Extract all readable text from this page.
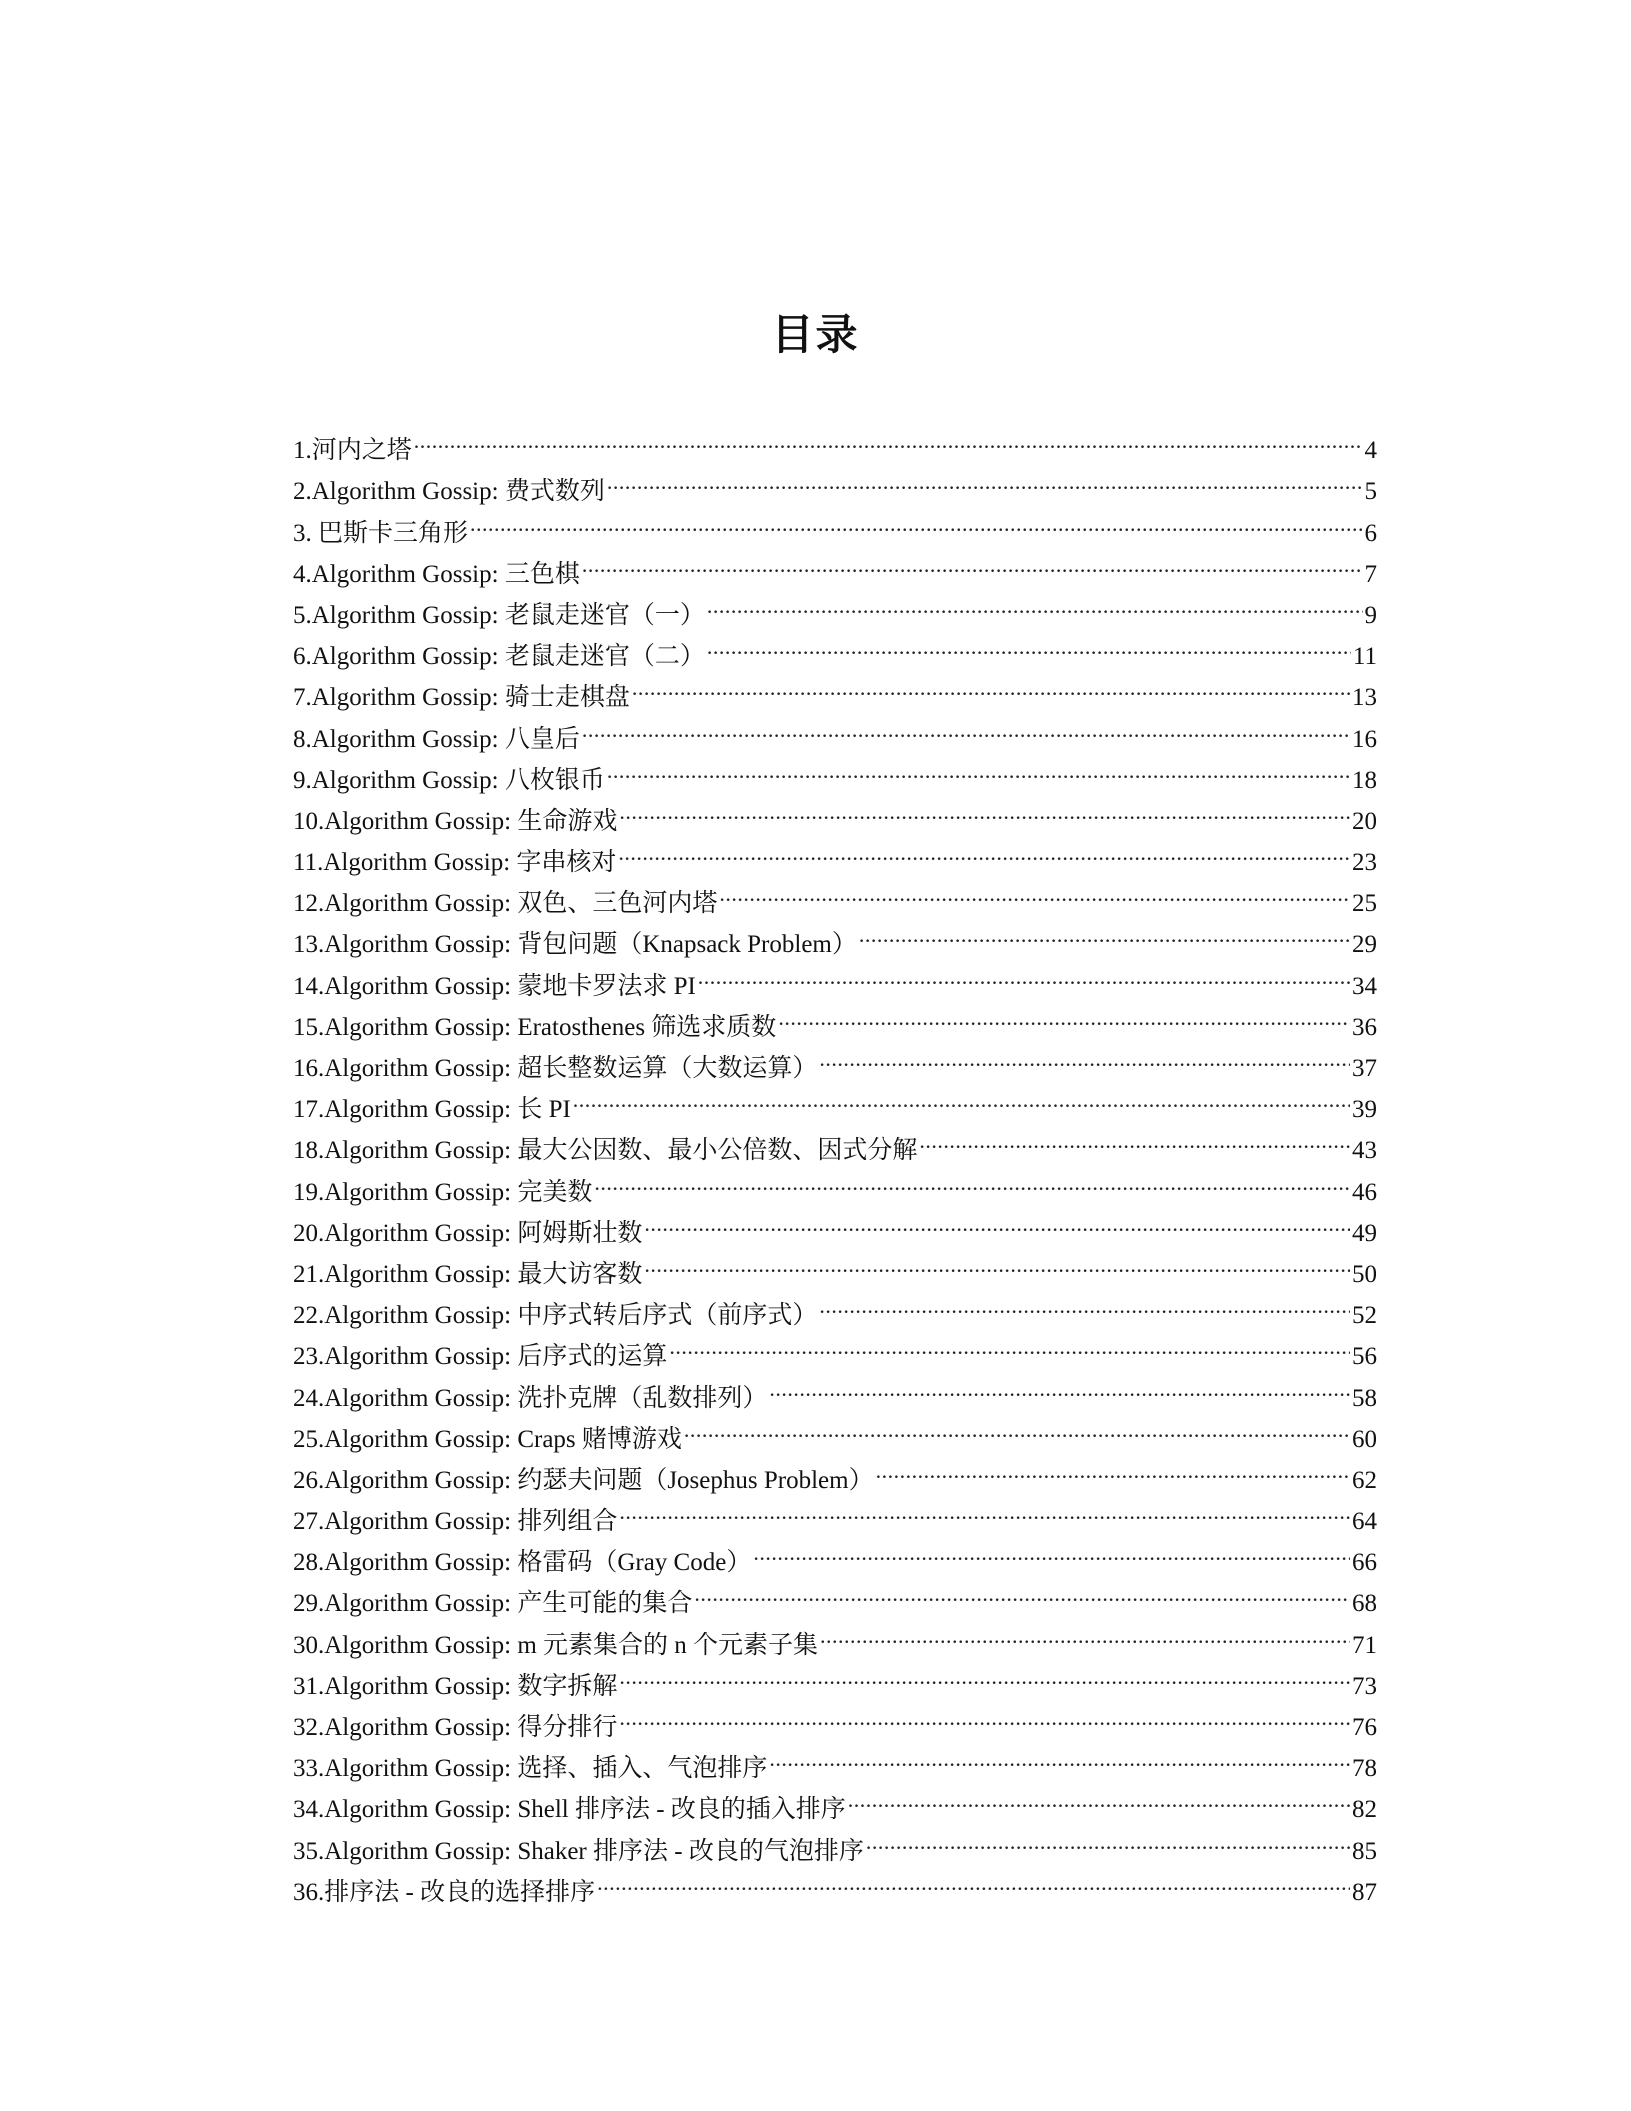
目录
1.河内之塔 .....	4
2.Algorithm Gossip: 费式数列 .....	5
3. 巴斯卡三角形 .....	6
4.Algorithm Gossip: 三色棋 .....	7
5.Algorithm Gossip: 老鼠走迷官（一） .....	9
6.Algorithm Gossip: 老鼠走迷官（二） .....	11
7.Algorithm Gossip: 骑士走棋盘 .....	13
8.Algorithm Gossip: 八皇后 .....	16
9.Algorithm Gossip: 八枚银币 .....	18
10.Algorithm Gossip: 生命游戏 .....	20
11.Algorithm Gossip: 字串核对 .....	23
12.Algorithm Gossip: 双色、三色河内塔 .....	25
13.Algorithm Gossip: 背包问题（Knapsack Problem） .....	29
14.Algorithm Gossip: 蒙地卡罗法求 PI .....	34
15.Algorithm Gossip: Eratosthenes 筛选求质数 .....	36
16.Algorithm Gossip: 超长整数运算（大数运算） .....	37
17.Algorithm Gossip: 长 PI .....	39
18.Algorithm Gossip: 最大公因数、最小公倍数、因式分解 .....	43
19.Algorithm Gossip: 完美数 .....	46
20.Algorithm Gossip: 阿姆斯壮数 .....	49
21.Algorithm Gossip: 最大访客数 .....	50
22.Algorithm Gossip: 中序式转后序式（前序式） .....	52
23.Algorithm Gossip: 后序式的运算 .....	56
24.Algorithm Gossip: 洗扑克牌（乱数排列） .....	58
25.Algorithm Gossip: Craps 赌博游戏 .....	60
26.Algorithm Gossip: 约瑟夫问题（Josephus Problem） .....	62
27.Algorithm Gossip: 排列组合 .....	64
28.Algorithm Gossip: 格雷码（Gray Code） .....	66
29.Algorithm Gossip: 产生可能的集合 .....	68
30.Algorithm Gossip: m 元素集合的 n 个元素子集 .....	71
31.Algorithm Gossip: 数字拆解 .....	73
32.Algorithm Gossip: 得分排行 .....	76
33.Algorithm Gossip: 选择、插入、气泡排序 .....	78
34.Algorithm Gossip: Shell 排序法 - 改良的插入排序 .....	82
35.Algorithm Gossip: Shaker 排序法 - 改良的气泡排序 .....	85
36.排序法 - 改良的选择排序 .....	87
